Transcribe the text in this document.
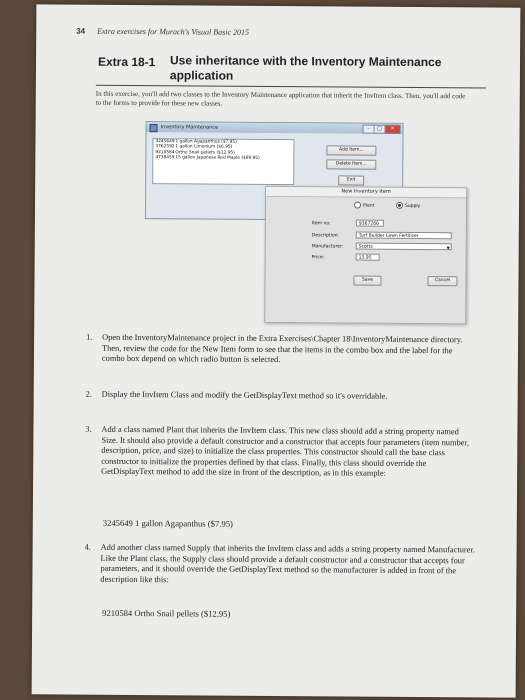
34 Extra exercises for Murach's Visual Basic 2015
Extra 18-1 Use inheritance with the Inventory Maintenance application
In this exercise, you'll add two classes to the Inventory Maintenance application that inherit the InvItem class. Then, you'll add code to the forms to provide for these new classes.
Inventory Maintenance	–	□	✕
32456491 gallon Agapanthus ($7.95)
37625921 gallon Limonium ($6.95)
9210584Ortho Snail pellets ($12.95)
473845915 gallon Japanese Red Maple ($89.95)
Add Item...
Delete Item...
Exit
New Inventory Item
Plant	Supply
Item no:	9367260
Description:	Turf Builder Lawn Fertilizer
Manufacturer:	Scotts	▼
Price:	13.95
Save	Cancel
1. Open the InventoryMaintenance project in the Extra Exercises\Chapter 18\InventoryMaintenance directory. Then, review the code for the New Item form to see that the items in the combo box and the label for the combo box depend on which radio button is selected.
2. Display the InvItem Class and modify the GetDisplayText method so it's overridable.
3. Add a class named Plant that inherits the InvItem class. This new class should add a string property named Size. It should also provide a default constructor and a constructor that accepts four parameters (item number, description, price, and size) to initialize the class properties. This constructor should call the base class constructor to initialize the properties defined by that class. Finally, this class should override the GetDisplayText method to add the size in front of the description, as in this example:
3245649 1 gallon Agapanthus ($7.95)
4. Add another class named Supply that inherits the InvItem class and adds a string property named Manufacturer. Like the Plant class, the Supply class should provide a default constructor and a constructor that accepts four parameters, and it should override the GetDisplayText method so the manufacturer is added in front of the description like this:
9210584 Ortho Snail pellets ($12.95)
